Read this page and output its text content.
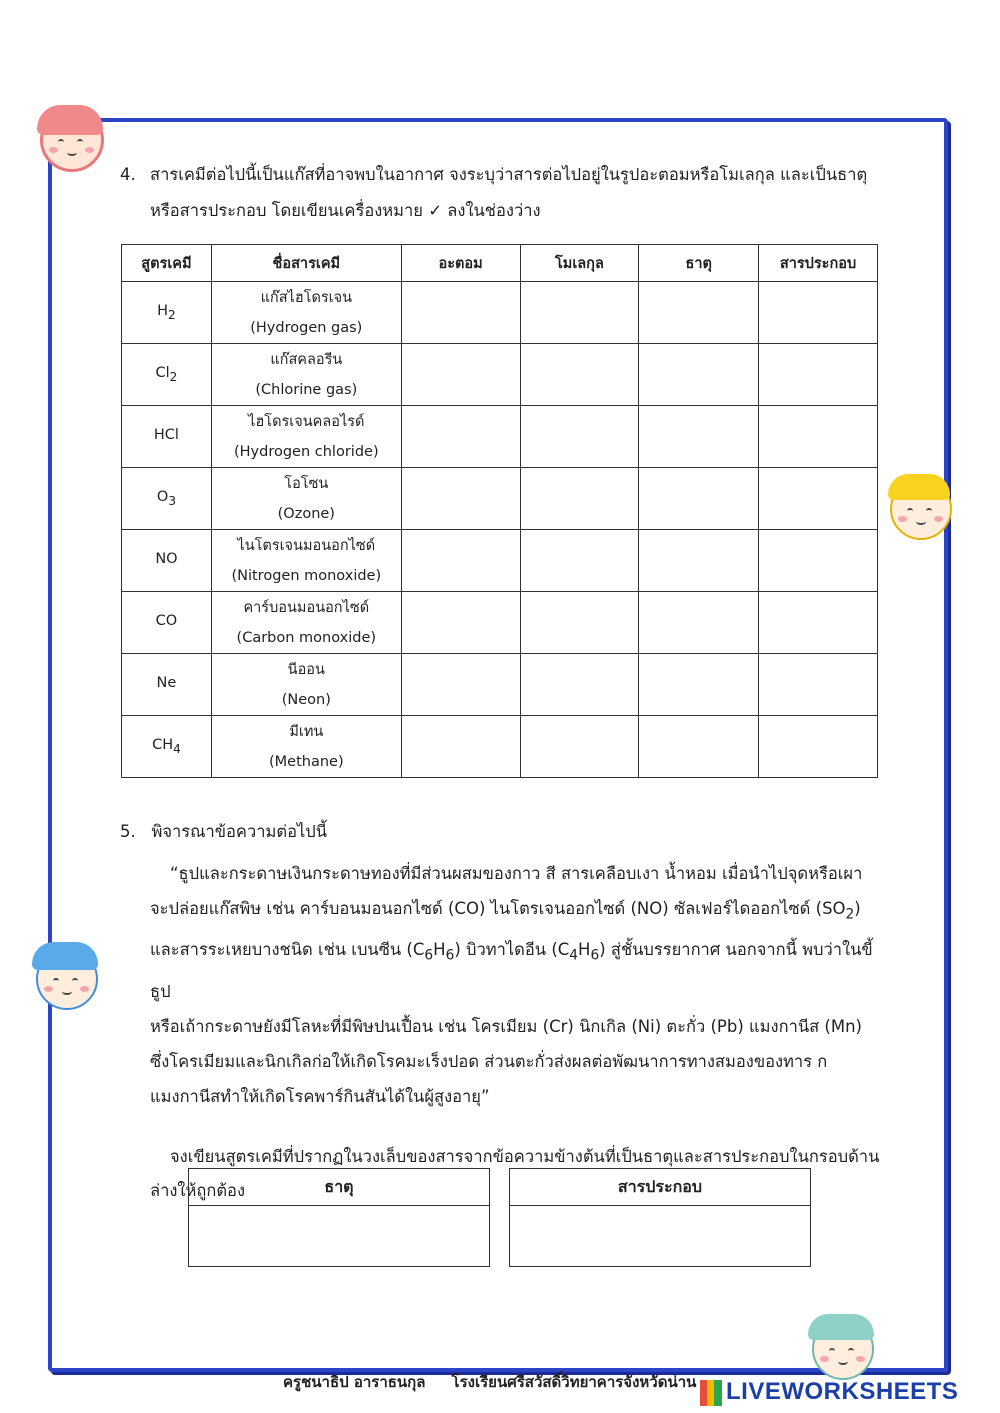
4. สารเคมีต่อไปนี้เป็นแก๊สที่อาจพบในอากาศ จงระบุว่าสารต่อไปอยู่ในรูปอะตอมหรือโมเลกุล และเป็นธาตุ
หรือสารประกอบ โดยเขียนเครื่องหมาย ✓ ลงในช่องว่าง
สูตรเคมี	ชื่อสารเคมี	อะตอม	โมเลกุล	ธาตุ	สารประกอบ
$H_2$	แก๊สไฮโดรเจน
(Hydrogen gas)				

$Cl_2$	แก๊สคลอรีน
(Chlorine gas)				

HCl	ไฮโดรเจนคลอไรด์
(Hydrogen chloride)				

$O_3$	โอโซน
(Ozone)				

NO	ไนโตรเจนมอนอกไซด์
(Nitrogen monoxide)				

CO	คาร์บอนมอนอกไซด์
(Carbon monoxide)				

Ne	นีออน
(Neon)				

$CH_4$	มีเทน
(Methane)				

5. พิจารณาข้อความต่อไปนี้

“ธูปและกระดาษเงินกระดาษทองที่มีส่วนผสมของกาว สี สารเคลือบเงา น้ำหอม เมื่อนำไปจุดหรือเผา

จะปล่อยแก๊สพิษ เช่น คาร์บอนมอนอกไซด์ (CO) ไนโตรเจนออกไซด์ (NO) ซัลเฟอร์ไดออกไซด์ $(SO_2)$

และสารระเหยบางชนิด เช่น เบนซีน $(C_6H_6)$ บิวทาไดอีน $(C_4H_6)$ สู่ชั้นบรรยากาศ นอกจากนี้ พบว่าในขี้ธูป

หรือเถ้ากระดาษยังมีโลหะที่มีพิษปนเปื้อน เช่น โครเมียม (Cr) นิกเกิล (Ni) ตะกั่ว (Pb) แมงกานีส (Mn)

ซึ่งโครเมียมและนิกเกิลก่อให้เกิดโรคมะเร็งปอด ส่วนตะกั่วส่งผลต่อพัฒนาการทางสมองของทาร ก

แมงกานีสทำให้เกิดโรคพาร์กินสันได้ในผู้สูงอายุ”

จงเขียนสูตรเคมีที่ปรากฏในวงเล็บของสารจากข้อความข้างต้นที่เป็นธาตุและสารประกอบในกรอบด้านล่างให้ถูกต้อง	ธาตุ	สารประกอบ
ครูชนาธิป อาราธนกุล     โรงเรียนศรีสวัสดิ์วิทยาคารจังหวัดน่าน LIVEWORKSHEETS
